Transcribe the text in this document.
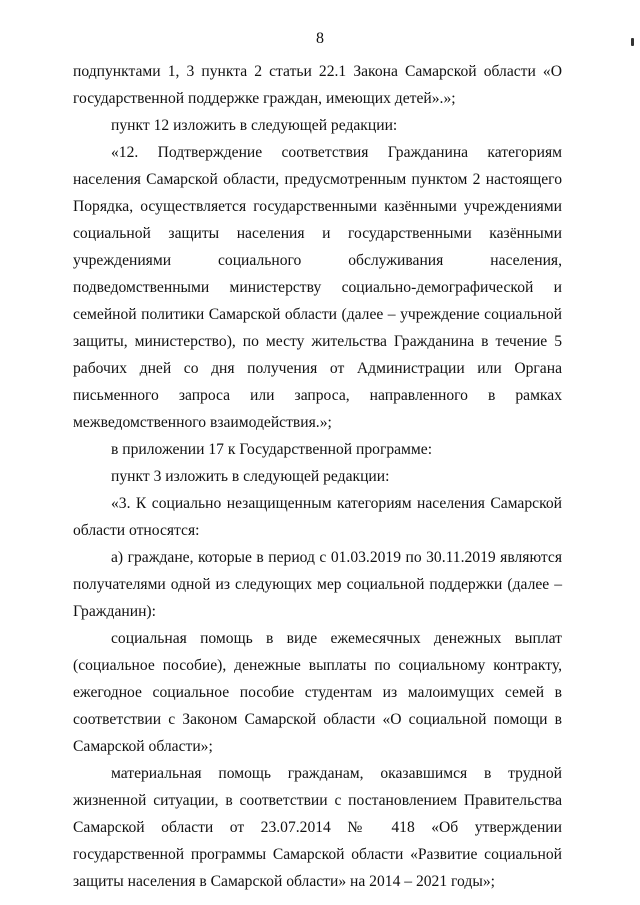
8

подпунктами 1, 3 пункта 2 статьи 22.1 Закона Самарской области «О государственной поддержке граждан, имеющих детей».»;

пункт 12 изложить в следующей редакции:

«12. Подтверждение соответствия Гражданина категориям населения Самарской области, предусмотренным пунктом 2 настоящего Порядка, осуществляется государственными казёнными учреждениями социальной защиты населения и государственными казёнными учреждениями социального обслуживания населения, подведомственными министерству социально-демографической и семейной политики Самарской области (далее – учреждение социальной защиты, министерство), по месту жительства Гражданина в течение 5 рабочих дней со дня получения от Администрации или Органа письменного запроса или запроса, направленного в рамках межведомственного взаимодействия.»;

в приложении 17 к Государственной программе:

пункт 3 изложить в следующей редакции:

«3. К социально незащищенным категориям населения Самарской области относятся:

а) граждане, которые в период с 01.03.2019 по 30.11.2019 являются получателями одной из следующих мер социальной поддержки (далее – Гражданин):

социальная помощь в виде ежемесячных денежных выплат (социальное пособие), денежные выплаты по социальному контракту, ежегодное социальное пособие студентам из малоимущих семей в соответствии с Законом Самарской области «О социальной помощи в Самарской области»;

материальная помощь гражданам, оказавшимся в трудной жизненной ситуации, в соответствии с постановлением Правительства Самарской области от 23.07.2014 № 418 «Об утверждении государственной программы Самарской области «Развитие социальной защиты населения в Самарской области» на 2014 – 2021 годы»;
